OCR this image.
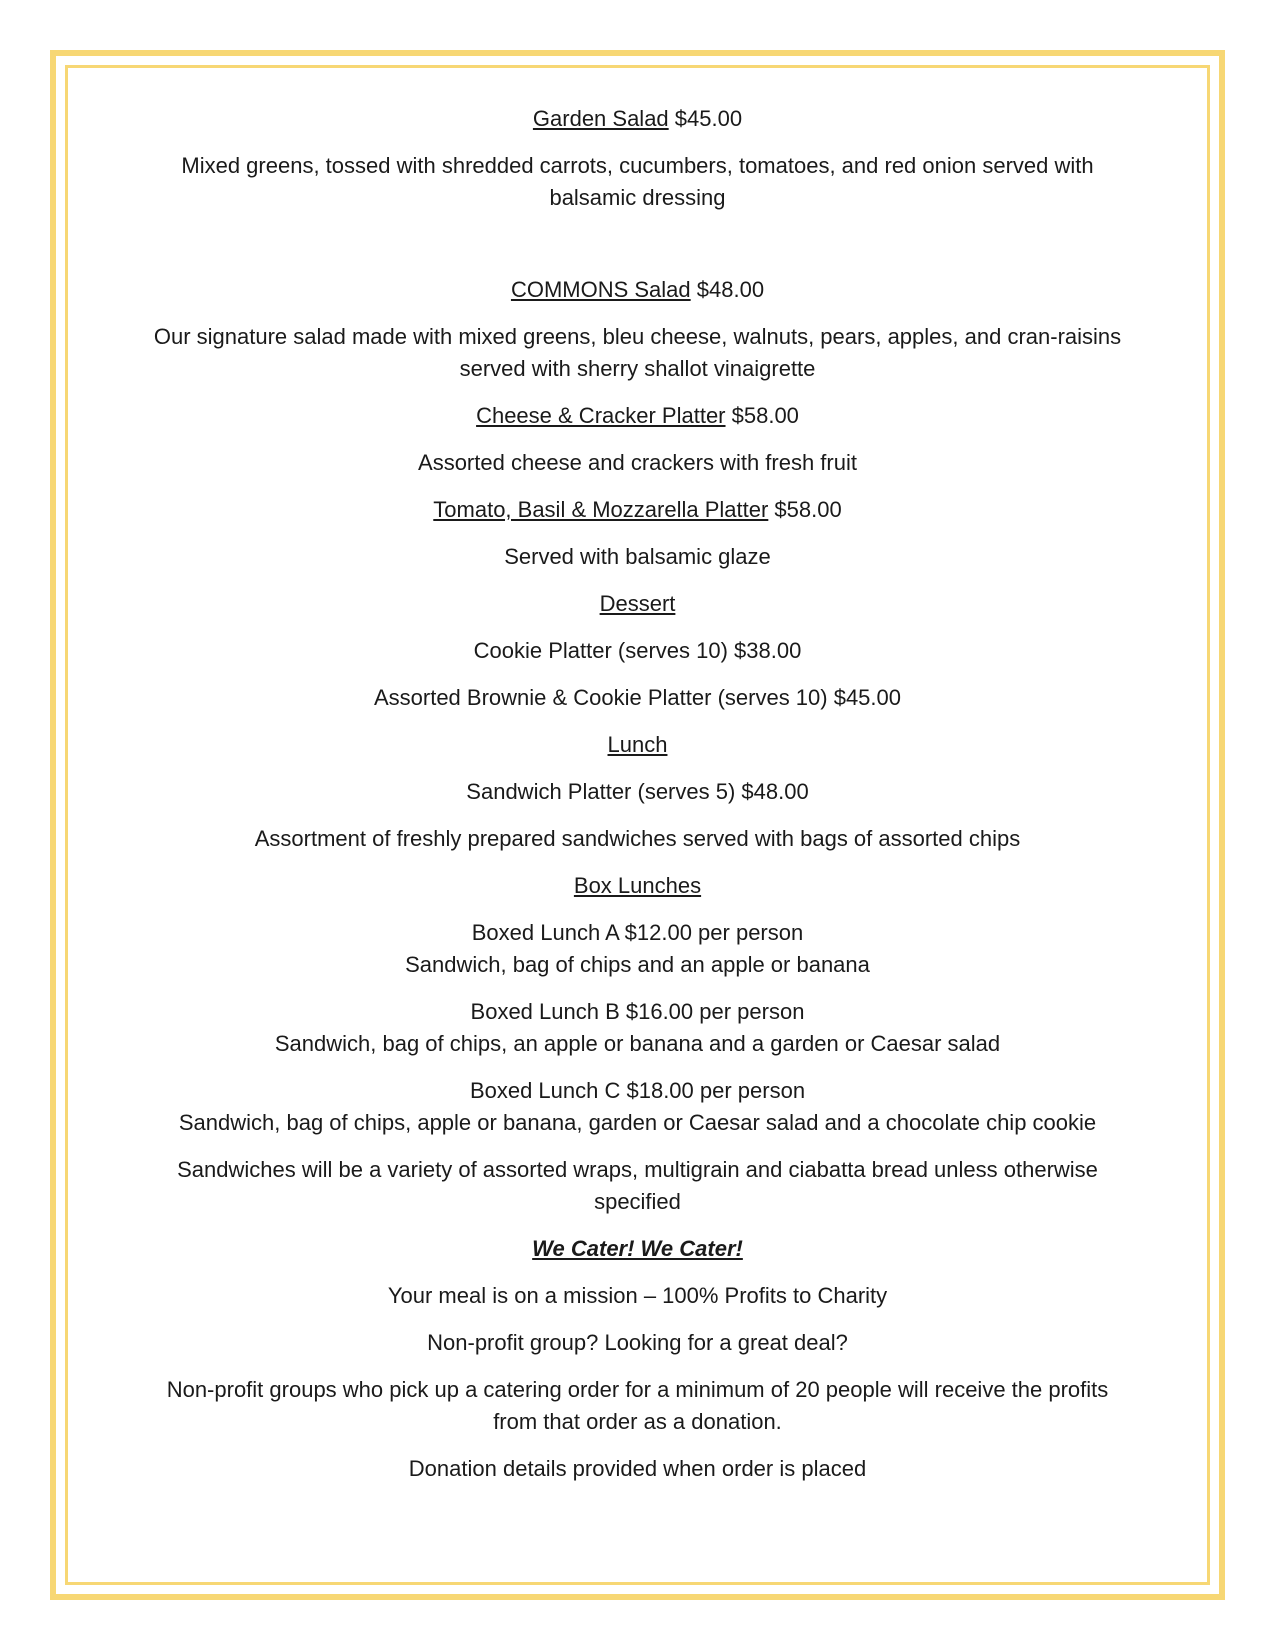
Garden Salad $45.00

Mixed greens, tossed with shredded carrots, cucumbers, tomatoes, and red onion served with balsamic dressing

COMMONS Salad $48.00

Our signature salad made with mixed greens, bleu cheese, walnuts, pears, apples, and cran-raisins served with sherry shallot vinaigrette

Cheese & Cracker Platter $58.00

Assorted cheese and crackers with fresh fruit

Tomato, Basil & Mozzarella Platter $58.00

Served with balsamic glaze

Dessert

Cookie Platter (serves 10) $38.00

Assorted Brownie & Cookie Platter (serves 10) $45.00

Lunch

Sandwich Platter (serves 5) $48.00

Assortment of freshly prepared sandwiches served with bags of assorted chips

Box Lunches

Boxed Lunch A $12.00 per person

Sandwich, bag of chips and an apple or banana

Boxed Lunch B $16.00 per person

Sandwich, bag of chips, an apple or banana and a garden or Caesar salad

Boxed Lunch C $18.00 per person

Sandwich, bag of chips, apple or banana, garden or Caesar salad and a chocolate chip cookie

Sandwiches will be a variety of assorted wraps, multigrain and ciabatta bread unless otherwise specified

We Cater! We Cater!

Your meal is on a mission – 100% Profits to Charity

Non-profit group? Looking for a great deal?

Non-profit groups who pick up a catering order for a minimum of 20 people will receive the profits from that order as a donation.

Donation details provided when order is placed
